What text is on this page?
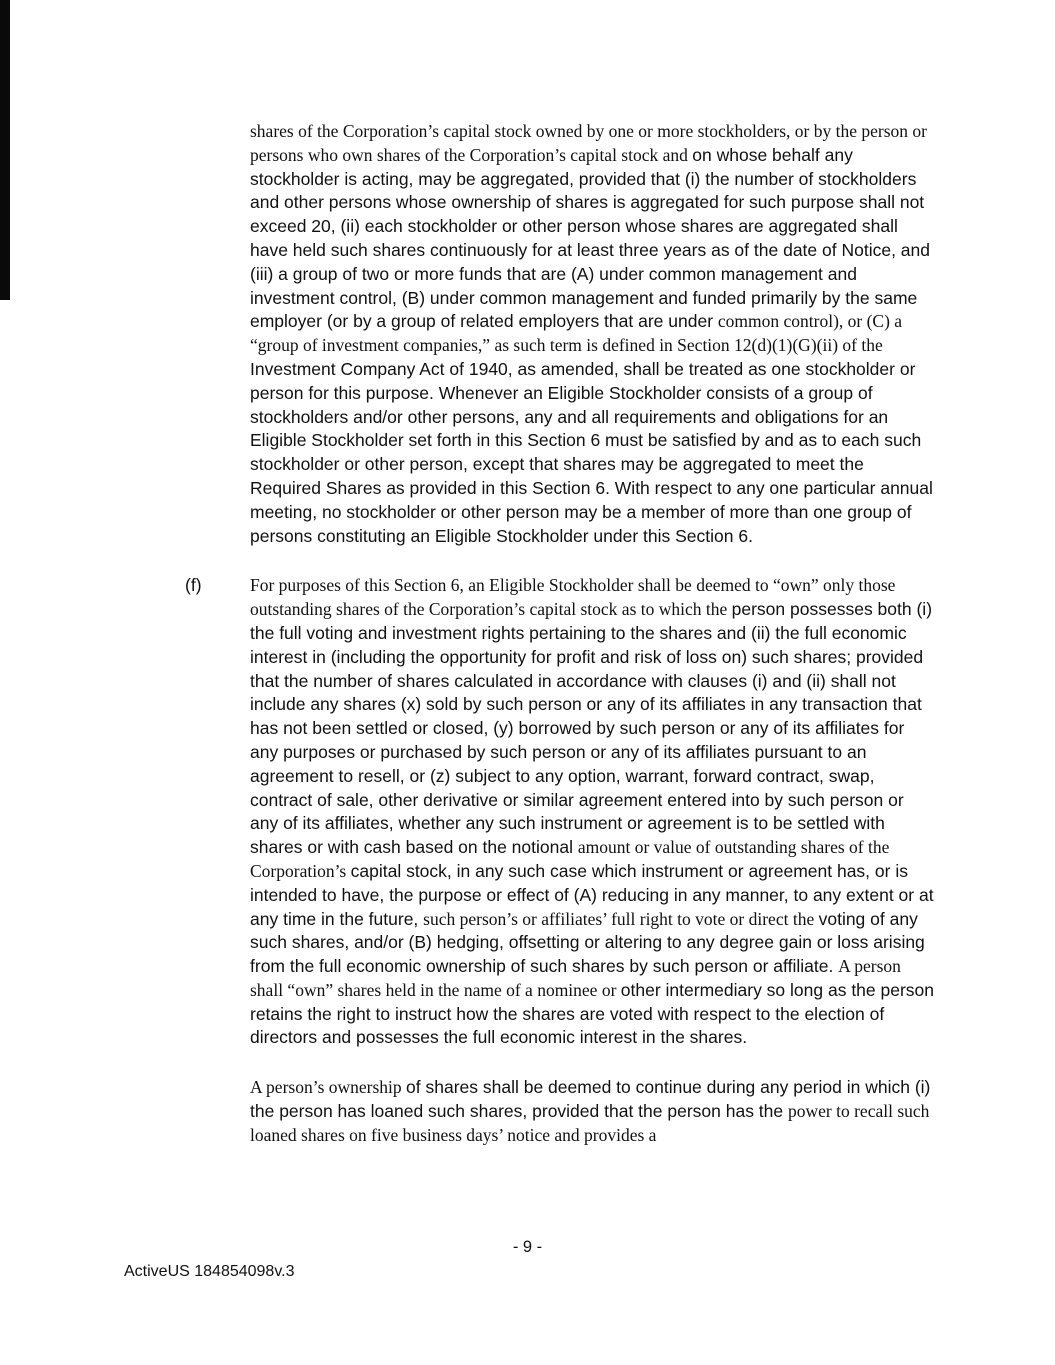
shares of the Corporation’s capital stock owned by one or more stockholders, or by the person or persons who own shares of the Corporation’s capital stock and on whose behalf any stockholder is acting, may be aggregated, provided that (i) the number of stockholders and other persons whose ownership of shares is aggregated for such purpose shall not exceed 20, (ii) each stockholder or other person whose shares are aggregated shall have held such shares continuously for at least three years as of the date of Notice, and (iii) a group of two or more funds that are (A) under common management and investment control, (B) under common management and funded primarily by the same employer (or by a group of related employers that are under common control), or (C) a “group of investment companies,” as such term is defined in Section 12(d)(1)(G)(ii) of the Investment Company Act of 1940, as amended, shall be treated as one stockholder or person for this purpose. Whenever an Eligible Stockholder consists of a group of stockholders and/or other persons, any and all requirements and obligations for an Eligible Stockholder set forth in this Section 6 must be satisfied by and as to each such stockholder or other person, except that shares may be aggregated to meet the Required Shares as provided in this Section 6. With respect to any one particular annual meeting, no stockholder or other person may be a member of more than one group of persons constituting an Eligible Stockholder under this Section 6.
(f)	For purposes of this Section 6, an Eligible Stockholder shall be deemed to “own” only those outstanding shares of the Corporation’s capital stock as to which the person possesses both (i) the full voting and investment rights pertaining to the shares and (ii) the full economic interest in (including the opportunity for profit and risk of loss on) such shares; provided that the number of shares calculated in accordance with clauses (i) and (ii) shall not include any shares (x) sold by such person or any of its affiliates in any transaction that has not been settled or closed, (y) borrowed by such person or any of its affiliates for any purposes or purchased by such person or any of its affiliates pursuant to an agreement to resell, or (z) subject to any option, warrant, forward contract, swap, contract of sale, other derivative or similar agreement entered into by such person or any of its affiliates, whether any such instrument or agreement is to be settled with shares or with cash based on the notional amount or value of outstanding shares of the Corporation’s capital stock, in any such case which instrument or agreement has, or is intended to have, the purpose or effect of (A) reducing in any manner, to any extent or at any time in the future, such person’s or affiliates’ full right to vote or direct the voting of any such shares, and/or (B) hedging, offsetting or altering to any degree gain or loss arising from the full economic ownership of such shares by such person or affiliate. A person shall “own” shares held in the name of a nominee or other intermediary so long as the person retains the right to instruct how the shares are voted with respect to the election of directors and possesses the full economic interest in the shares.
A person’s ownership of shares shall be deemed to continue during any period in which (i) the person has loaned such shares, provided that the person has the power to recall such loaned shares on five business days’ notice and provides a
- 9 -
ActiveUS 184854098v.3
